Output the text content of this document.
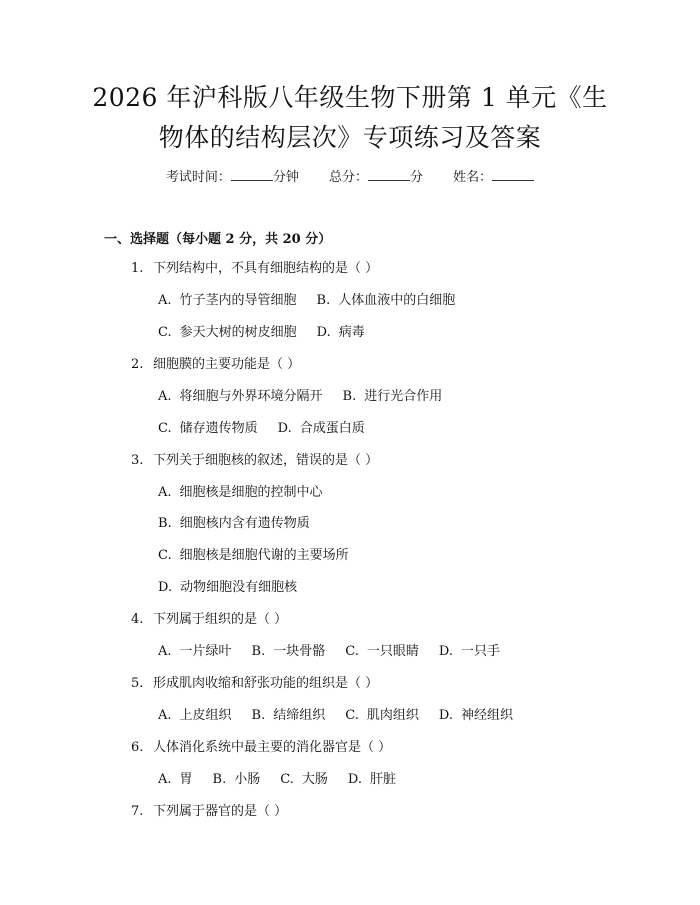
2026 年沪科版八年级生物下册第 1 单元《生
物体的结构层次》专项练习及答案
考试时间：	分钟 总分：	分 姓名：
一、选择题（每小题 2 分，共 20 分）
1. 下列结构中，不具有细胞结构的是（ ）
A. 竹子茎内的导管细胞 B. 人体血液中的白细胞
C. 参天大树的树皮细胞 D. 病毒
2. 细胞膜的主要功能是（ ）
A. 将细胞与外界环境分隔开 B. 进行光合作用
C. 储存遗传物质 D. 合成蛋白质
3. 下列关于细胞核的叙述，错误的是（ ）
A. 细胞核是细胞的控制中心
B. 细胞核内含有遗传物质
C. 细胞核是细胞代谢的主要场所
D. 动物细胞没有细胞核
4. 下列属于组织的是（ ）
A. 一片绿叶 B. 一块骨骼 C. 一只眼睛 D. 一只手
5. 形成肌肉收缩和舒张功能的组织是（ ）
A. 上皮组织 B. 结缔组织 C. 肌肉组织 D. 神经组织
6. 人体消化系统中最主要的消化器官是（ ）
A. 胃 B. 小肠 C. 大肠 D. 肝脏
7. 下列属于器官的是（ ）
